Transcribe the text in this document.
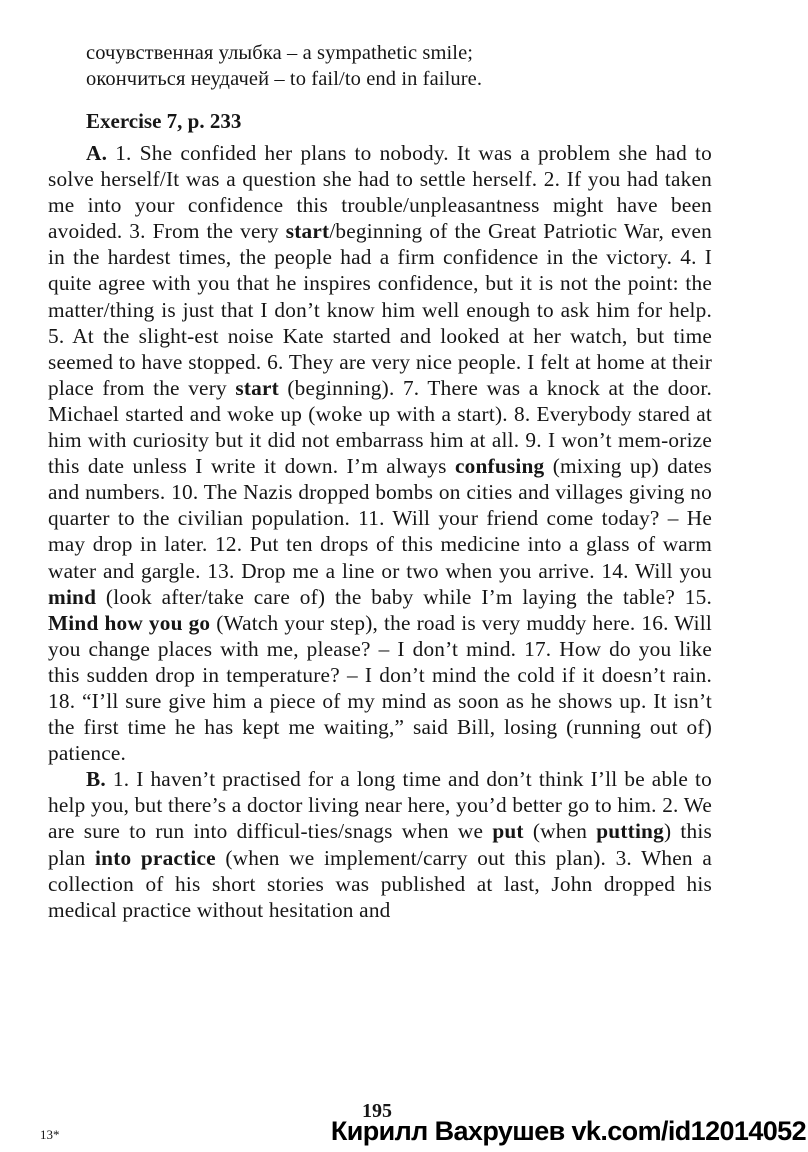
сочувственная улыбка – a sympathetic smile;
окончиться неудачей – to fail/to end in failure.
Exercise 7, p. 233

A. 1. She confided her plans to nobody. It was a problem she had to solve herself/It was a question she had to settle herself. 2. If you had taken me into your confidence this trouble/unpleasantness might have been avoided. 3. From the very start/beginning of the Great Patriotic War, even in the hardest times, the people had a firm confidence in the victory. 4. I quite agree with you that he inspires confidence, but it is not the point: the matter/thing is just that I don’t know him well enough to ask him for help. 5. At the slight-est noise Kate started and looked at her watch, but time seemed to have stopped. 6. They are very nice people. I felt at home at their place from the very start (beginning). 7. There was a knock at the door. Michael started and woke up (woke up with a start). 8. Everybody stared at him with curiosity but it did not embarrass him at all. 9. I won’t mem-orize this date unless I write it down. I’m always confusing (mixing up) dates and numbers. 10. The Nazis dropped bombs on cities and villages giving no quarter to the civilian population. 11. Will your friend come today? – He may drop in later. 12. Put ten drops of this medicine into a glass of warm water and gargle. 13. Drop me a line or two when you arrive. 14. Will you mind (look after/take care of) the baby while I’m laying the table? 15. Mind how you go (Watch your step), the road is very muddy here. 16. Will you change places with me, please? – I don’t mind. 17. How do you like this sudden drop in temperature? – I don’t mind the cold if it doesn’t rain. 18. “I’ll sure give him a piece of my mind as soon as he shows up. It isn’t the first time he has kept me waiting,” said Bill, losing (running out of) patience.

B. 1. I haven’t practised for a long time and don’t think I’ll be able to help you, but there’s a doctor living near here, you’d better go to him. 2. We are sure to run into difficul-ties/snags when we put (when putting) this plan into practice (when we implement/carry out this plan). 3. When a collection of his short stories was published at last, John dropped his medical practice without hesitation and

195
13*	Кирилл Вахрушев vk.com/id12014052
